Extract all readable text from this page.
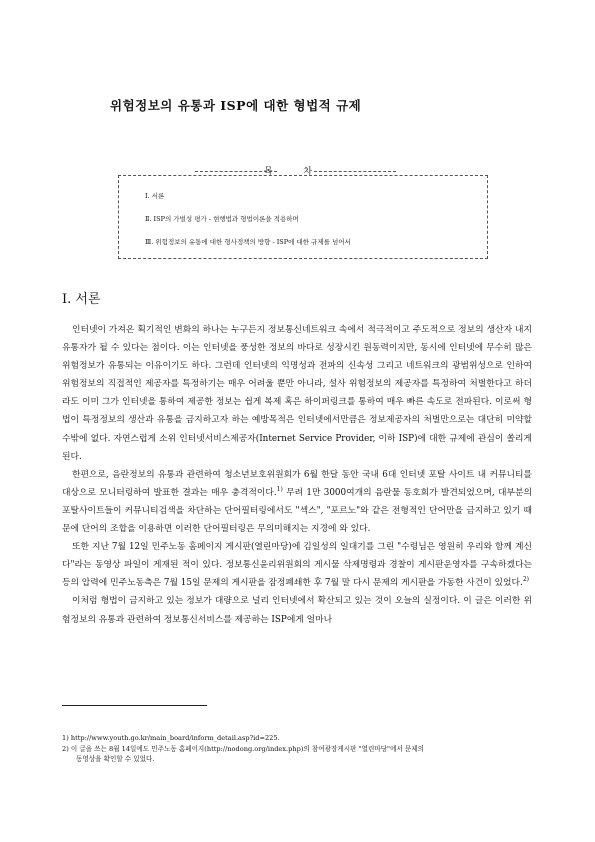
위험정보의 유통과 ISP에 대한 형법적 규제
목 차
Ⅰ. 서론
Ⅱ. ISP의 가벌성 평가 - 현행법과 형법이론을 적용하며
Ⅲ. 위험정보의 유통에 대한 형사정책의 방향 - ISP에 대한 규제를 넘어서
Ⅰ. 서론

인터넷이 가져온 획기적인 변화의 하나는 누구든지 정보통신네트워크 속에서 적극적이고 주도적으로 정보의 생산자 내지 유통자가 될 수 있다는 점이다. 이는 인터넷을 풍성한 정보의 바다로 성장시킨 원동력이지만, 동시에 인터넷에 무수히 많은 위험정보가 유통되는 이유이기도 하다. 그런데 인터넷의 익명성과 전파의 신속성 그리고 네트워크의 광범위성으로 인하여 위험정보의 직접적인 제공자를 특정하기는 매우 어려울 뿐만 아니라, 설사 위험정보의 제공자를 특정하여 처벌한다고 하더라도 이미 그가 인터넷을 통하여 제공한 정보는 쉽게 복제 혹은 하이퍼링크를 통하여 매우 빠른 속도로 전파된다. 이로써 형법이 특정정보의 생산과 유통을 금지하고자 하는 예방목적은 인터넷에서만큼은 정보제공자의 처벌만으로는 대단히 미약할 수밖에 없다. 자연스럽게 소위 인터넷서비스제공자(Internet Service Provider, 이하 ISP)에 대한 규제에 관심이 쏠리게 된다.

한편으로, 음란정보의 유통과 관련하여 청소년보호위원회가 6월 한달 동안 국내 6대 인터넷 포탈 사이트 내 커뮤니티를 대상으로 모니터링하여 발표한 결과는 매우 충격적이다.$^{1)}$ 무려 1만 3000여개의 음란물 동호회가 발견되었으며, 대부분의 포탈사이트들이 커뮤니티검색을 차단하는 단어필터링에서도 "섹스", "포르노"와 같은 전형적인 단어만을 금지하고 있기 때문에 단어의 조합을 이용하면 이러한 단어필터링은 무의미해지는 지경에 와 있다.

또한 지난 7월 12일 민주노동 홈페이지 게시판(열린마당)에 김일성의 일대기를 그린 "수령님은 영원히 우리와 함께 계신다"라는 동영상 파일이 게재된 적이 있다. 정보통신윤리위원회의 게시물 삭제명령과 경찰이 게시판운영자를 구속하겠다는 등의 압력에 민주노동측은 7월 15일 문제의 게시판을 잠정폐쇄한 후 7월 말 다시 문제의 게시판을 가동한 사건이 있었다.$^{2)}$

이처럼 형법이 금지하고 있는 정보가 대량으로 널리 인터넷에서 확산되고 있는 것이 오늘의 실정이다. 이 글은 이러한 위험정보의 유통과 관련하여 정보통신서비스를 제공하는 ISP에게 얼마나

1) http://www.youth.go.kr/main_board/inform_detail.asp?id=225.

2) 이 글을 쓰는 8월 14일에도 민주노동 홈페이지(http://nodong.org/index.php)의 참여광장게시판 "열린마당"에서 문제의

동영상을 확인할 수 있었다.
